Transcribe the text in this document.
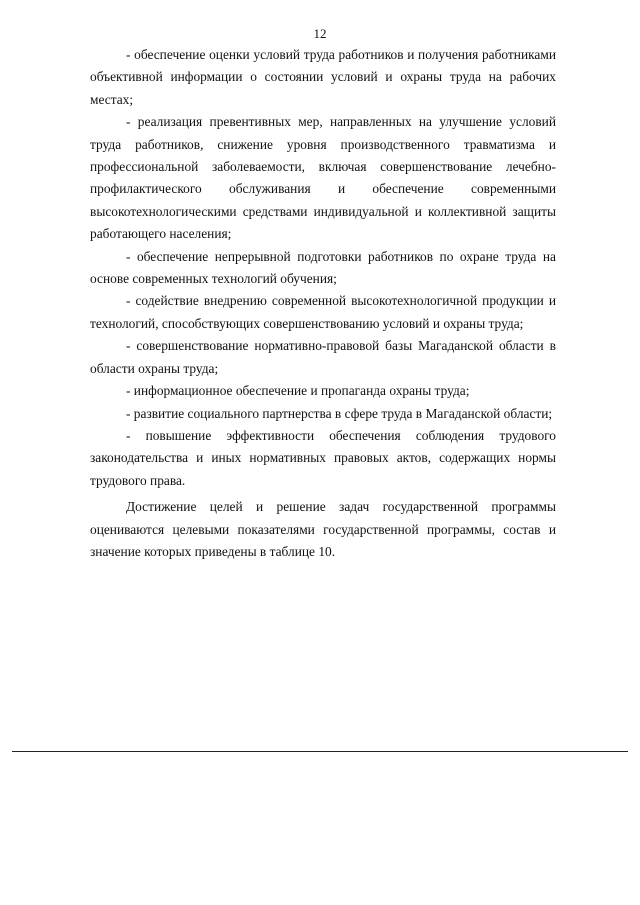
12

- обеспечение оценки условий труда работников и получения работниками объективной информации о состоянии условий и охраны труда на рабочих местах;

- реализация превентивных мер, направленных на улучшение условий труда работников, снижение уровня производственного травматизма и профессиональной заболеваемости, включая совершенствование лечебно-профилактического обслуживания и обеспечение современными высокотехнологическими средствами индивидуальной и коллективной защиты работающего населения;

- обеспечение непрерывной подготовки работников по охране труда на основе современных технологий обучения;

- содействие внедрению современной высокотехнологичной продукции и технологий, способствующих совершенствованию условий и охраны труда;

- совершенствование нормативно-правовой базы Магаданской области в области охраны труда;

- информационное обеспечение и пропаганда охраны труда;

- развитие социального партнерства в сфере труда в Магаданской области;

- повышение эффективности обеспечения соблюдения трудового законодательства и иных нормативных правовых актов, содержащих нормы трудового права.

Достижение целей и решение задач государственной программы оцениваются целевыми показателями государственной программы, состав и значение которых приведены в таблице 10.
